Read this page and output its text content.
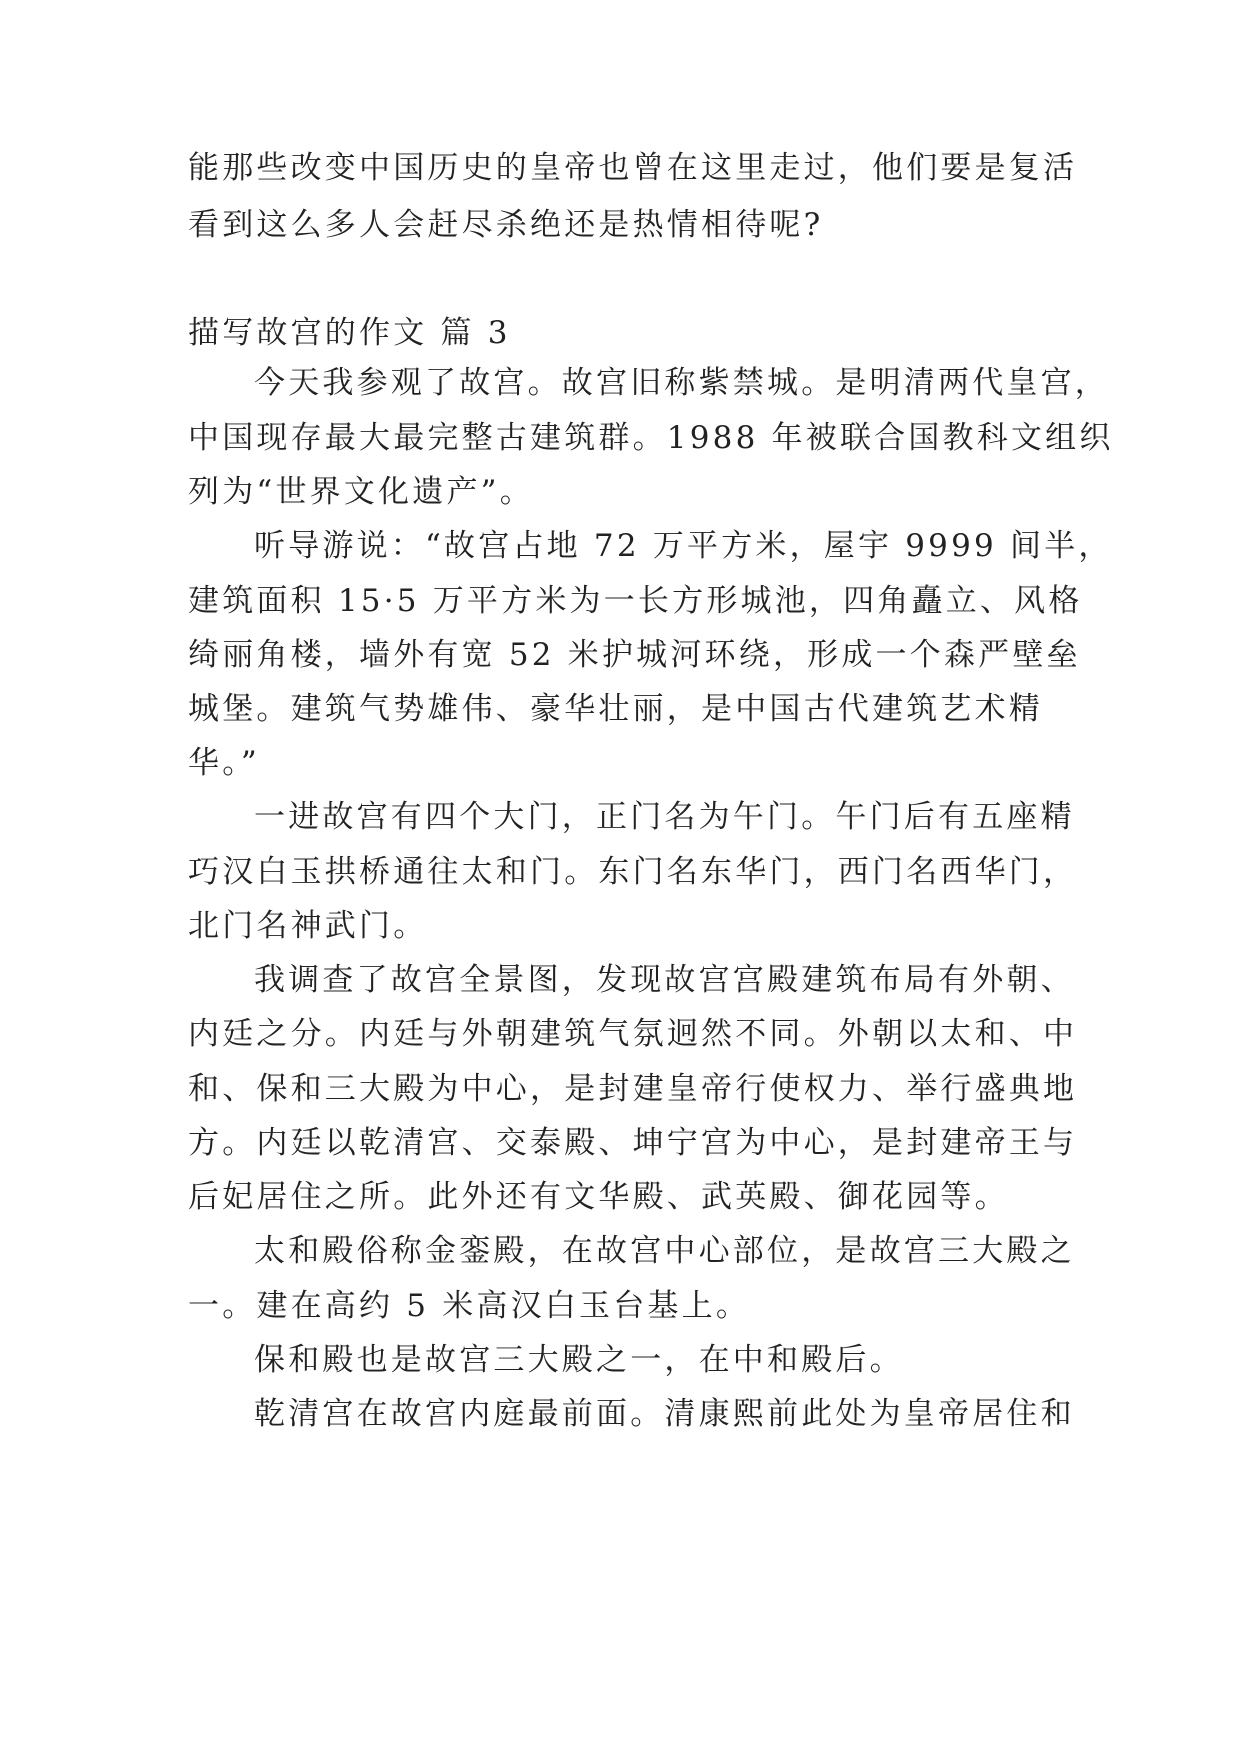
能那些改变中国历史的皇帝也曾在这里走过，他们要是复活
看到这么多人会赶尽杀绝还是热情相待呢?
描写故宫的作文 篇 3
今天我参观了故宫。故宫旧称紫禁城。是明清两代皇宫，
中国现存最大最完整古建筑群。1988 年被联合国教科文组织
列为“世界文化遗产”。
听导游说：“故宫占地 72 万平方米，屋宇 9999 间半，
建筑面积 15·5 万平方米为一长方形城池，四角矗立、风格
绮丽角楼，墙外有宽 52 米护城河环绕，形成一个森严壁垒
城堡。建筑气势雄伟、豪华壮丽，是中国古代建筑艺术精
华。”
一进故宫有四个大门，正门名为午门。午门后有五座精
巧汉白玉拱桥通往太和门。东门名东华门，西门名西华门，
北门名神武门。
我调查了故宫全景图，发现故宫宫殿建筑布局有外朝、
内廷之分。内廷与外朝建筑气氛迥然不同。外朝以太和、中
和、保和三大殿为中心，是封建皇帝行使权力、举行盛典地
方。内廷以乾清宫、交泰殿、坤宁宫为中心，是封建帝王与
后妃居住之所。此外还有文华殿、武英殿、御花园等。
太和殿俗称金銮殿，在故宫中心部位，是故宫三大殿之
一。建在高约 5 米高汉白玉台基上。
保和殿也是故宫三大殿之一，在中和殿后。
乾清宫在故宫内庭最前面。清康熙前此处为皇帝居住和
